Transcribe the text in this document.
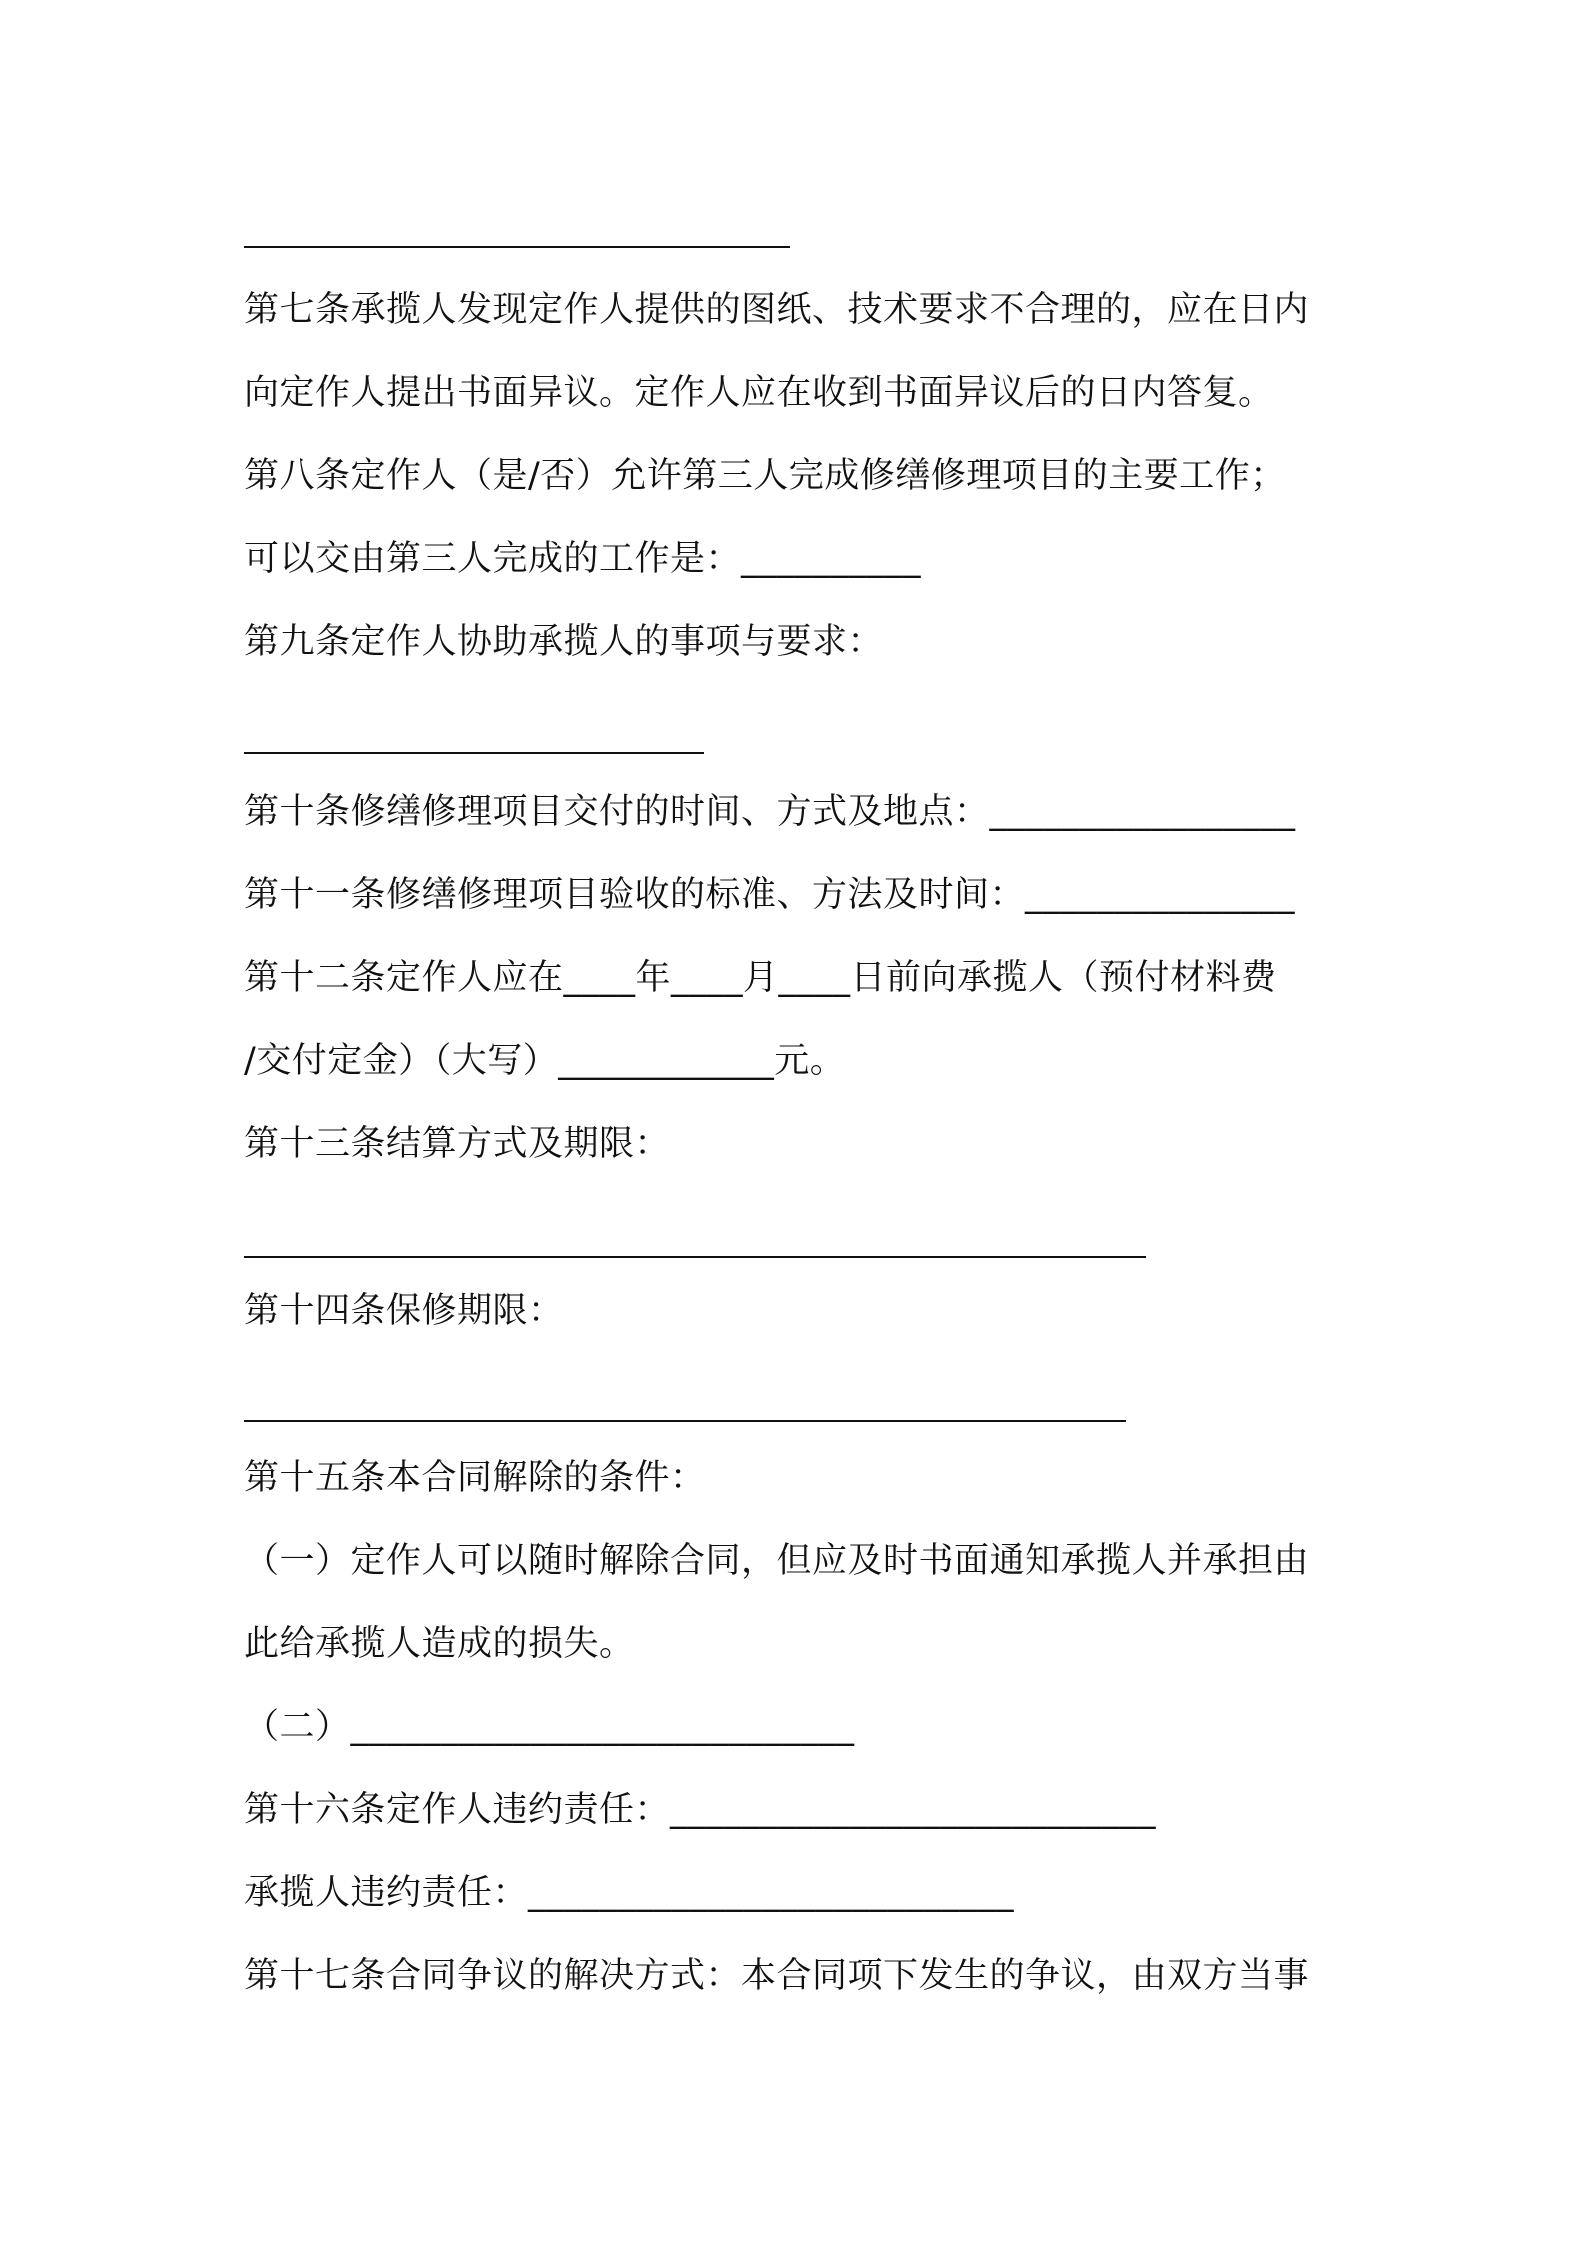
第七条承揽人发现定作人提供的图纸、技术要求不合理的，应在日内
向定作人提出书面异议。定作人应在收到书面异议后的日内答复。
第八条定作人（是/否）允许第三人完成修缮修理项目的主要工作；
可以交由第三人完成的工作是：__________
第九条定作人协助承揽人的事项与要求：
第十条修缮修理项目交付的时间、方式及地点：_________________
第十一条修缮修理项目验收的标准、方法及时间：_______________
第十二条定作人应在____年____月____日前向承揽人（预付材料费
/交付定金）（大写）____________元。
第十三条结算方式及期限：
第十四条保修期限：
第十五条本合同解除的条件：
（一）定作人可以随时解除合同，但应及时书面通知承揽人并承担由
此给承揽人造成的损失。
（二）____________________________
第十六条定作人违约责任：___________________________
承揽人违约责任：___________________________
第十七条合同争议的解决方式：本合同项下发生的争议，由双方当事
